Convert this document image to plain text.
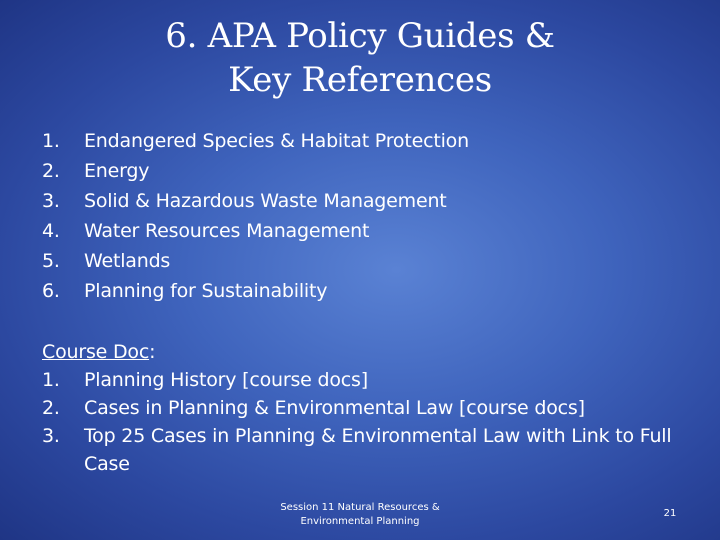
6. APA Policy Guides &
Key References
1.	Endangered Species & Habitat Protection
2.	Energy
3.	Solid & Hazardous Waste Management
4.	Water Resources Management
5.	Wetlands
6.	Planning for Sustainability
Course Doc:
1.	Planning History [course docs]
2.	Cases in Planning & Environmental Law [course docs]
3.	Top 25 Cases in Planning & Environmental Law with Link to Full Case
Session 11 Natural Resources &
Environmental Planning
21
